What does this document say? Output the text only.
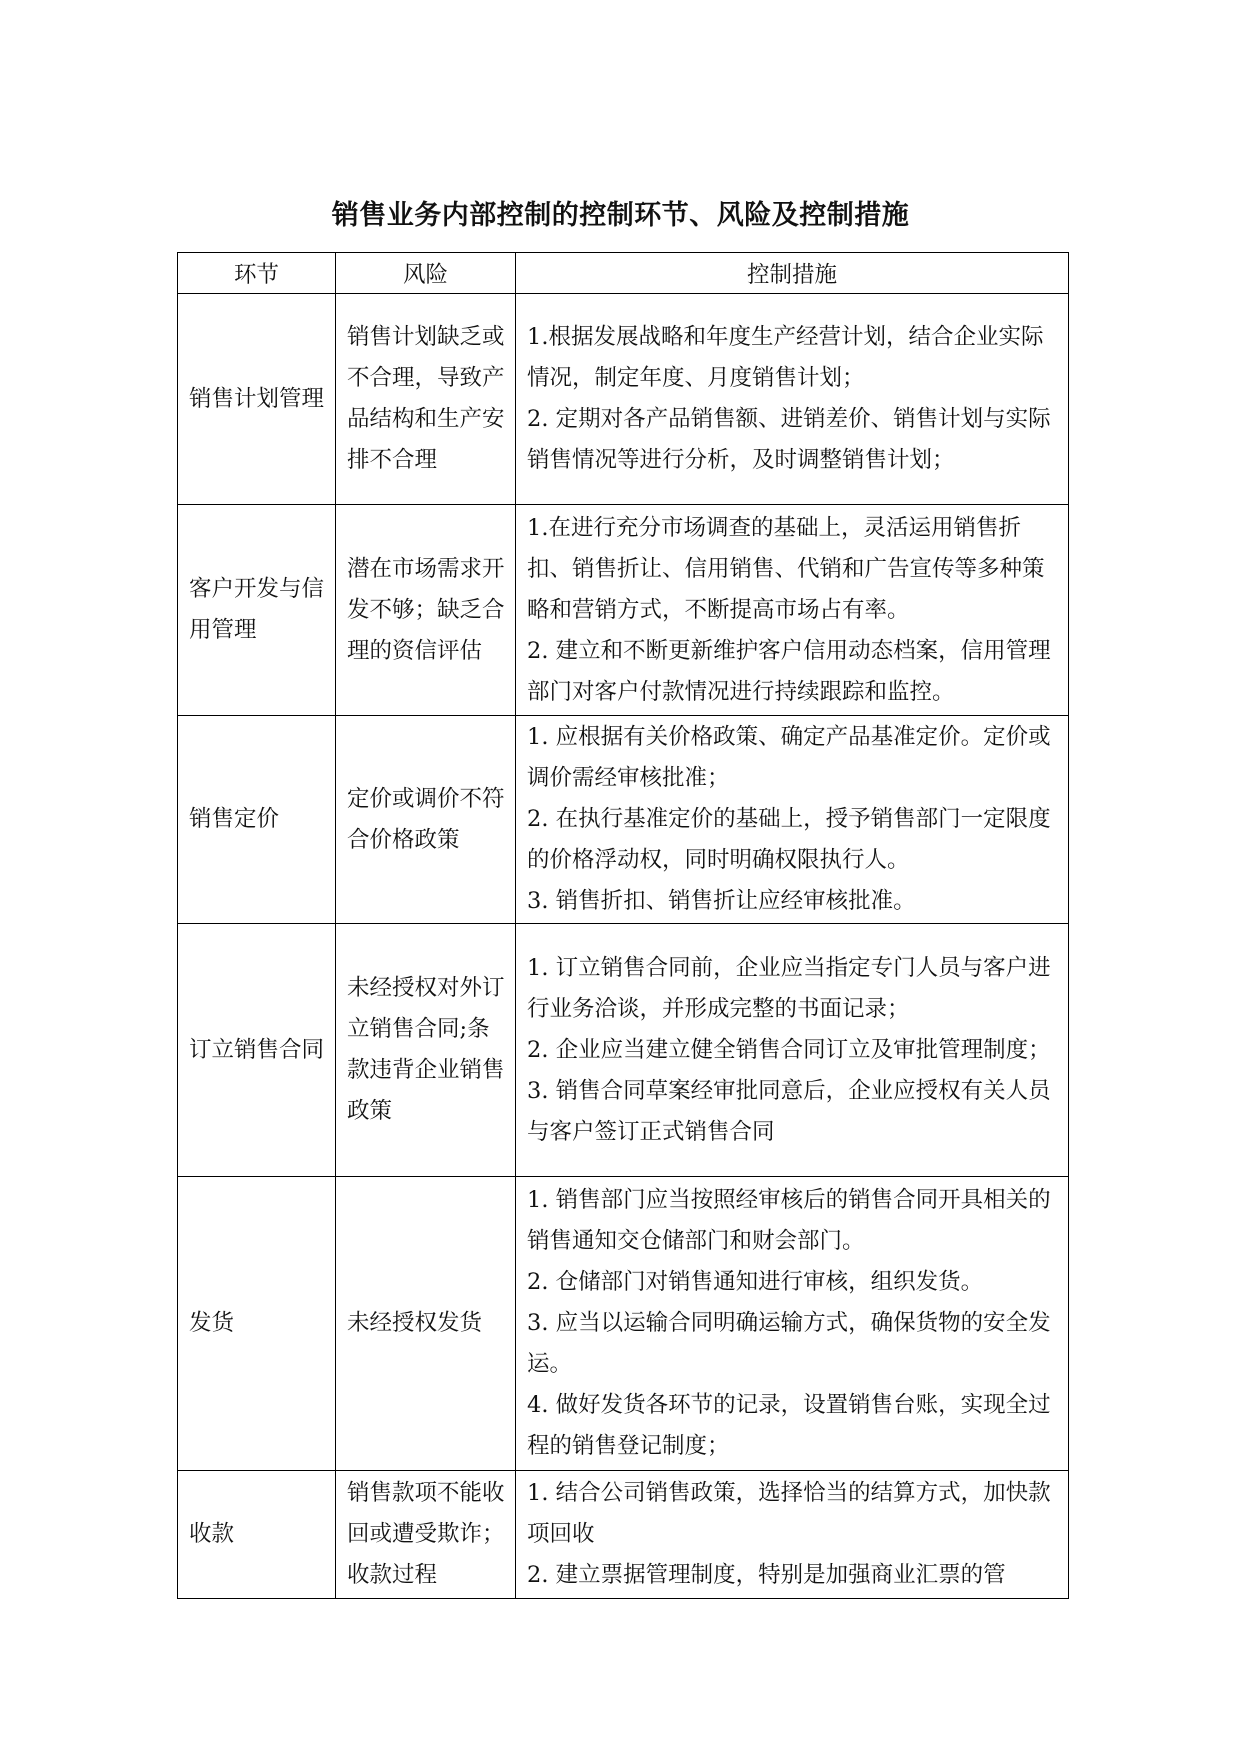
销售业务内部控制的控制环节、风险及控制措施
环节	风险	控制措施

销售计划管理	销售计划缺乏或不合理，导致产品结构和生产安排不合理	1.根据发展战略和年度生产经营计划，结合企业实际情况，制定年度、月度销售计划；

2. 定期对各产品销售额、进销差价、销售计划与实际销售情况等进行分析，及时调整销售计划；

客户开发与信用管理	潜在市场需求开发不够；缺乏合理的资信评估	1.在进行充分市场调查的基础上，灵活运用销售折扣、销售折让、信用销售、代销和广告宣传等多种策略和营销方式，不断提高市场占有率。

2. 建立和不断更新维护客户信用动态档案，信用管理部门对客户付款情况进行持续跟踪和监控。

销售定价	定价或调价不符合价格政策	1. 应根据有关价格政策、确定产品基准定价。定价或调价需经审核批准；

2. 在执行基准定价的基础上，授予销售部门一定限度的价格浮动权，同时明确权限执行人。

3. 销售折扣、销售折让应经审核批准。

订立销售合同	未经授权对外订立销售合同;条款违背企业销售政策	1. 订立销售合同前，企业应当指定专门人员与客户进行业务洽谈，并形成完整的书面记录；

2. 企业应当建立健全销售合同订立及审批管理制度；

3. 销售合同草案经审批同意后，企业应授权有关人员与客户签订正式销售合同

发货	未经授权发货	1. 销售部门应当按照经审核后的销售合同开具相关的销售通知交仓储部门和财会部门。

2. 仓储部门对销售通知进行审核，组织发货。

3. 应当以运输合同明确运输方式，确保货物的安全发运。

4. 做好发货各环节的记录，设置销售台账，实现全过程的销售登记制度；

收款	销售款项不能收回或遭受欺诈；收款过程	1. 结合公司销售政策，选择恰当的结算方式，加快款项回收

2. 建立票据管理制度，特别是加强商业汇票的管
